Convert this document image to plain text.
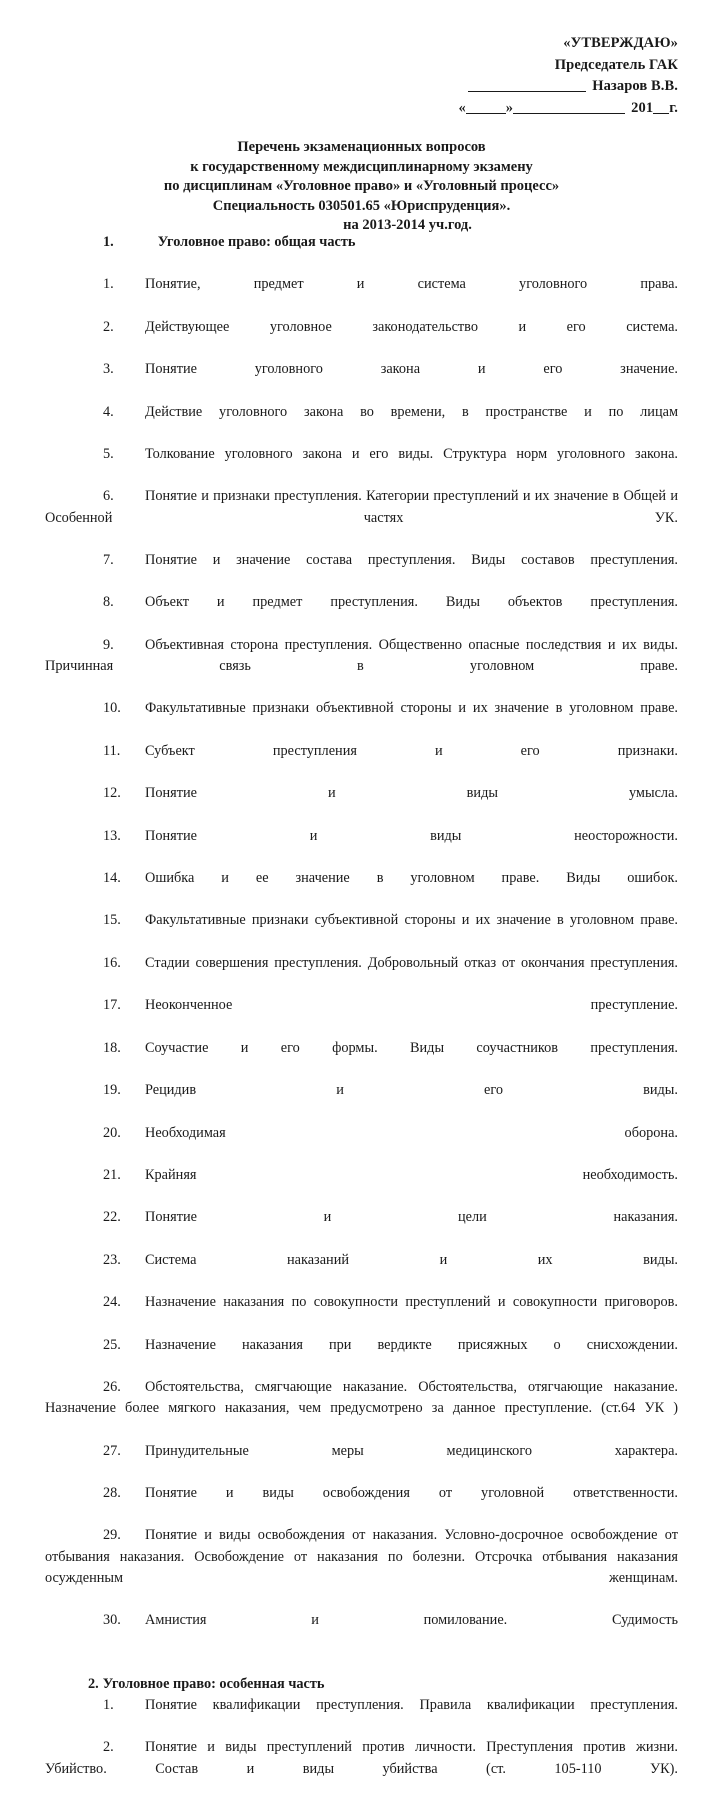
«УТВЕРЖДАЮ»
Председатель ГАК
Назаров В.В.
«	»	201 г.
Перечень экзаменационных вопросов
к государственному междисциплинарному экзамену
по дисциплинам «Уголовное право» и «Уголовный процесс»
Специальность 030501.65 «Юриспруденция».
на 2013-2014 уч.год.
1.	Уголовное право: общая часть
1. Понятие, предмет и система уголовного права.
2. Действующее уголовное законодательство и его система.
3. Понятие уголовного закона и его значение.
4. Действие уголовного закона во времени, в пространстве и по лицам
5. Толкование уголовного закона и его виды. Структура норм уголовного закона.
6. Понятие и признаки преступления. Категории преступлений и их значение в Общей и Особенной частях УК.
7. Понятие и значение состава преступления. Виды составов преступления.
8. Объект и предмет преступления. Виды объектов преступления.
9. Объективная сторона преступления. Общественно опасные последствия и их виды. Причинная связь в уголовном праве.
10. Факультативные признаки объективной стороны и их значение в уголовном праве.
11. Субъект преступления и его признаки.
12. Понятие и виды умысла.
13. Понятие и виды неосторожности.
14. Ошибка и ее значение в уголовном праве. Виды ошибок.
15. Факультативные признаки субъективной стороны и их значение в уголовном праве.
16. Стадии совершения преступления. Добровольный отказ от окончания преступления.
17. Неоконченное преступление.
18. Соучастие и его формы. Виды соучастников преступления.
19. Рецидив и его виды.
20. Необходимая оборона.
21. Крайняя необходимость.
22. Понятие и цели наказания.
23. Система наказаний и их виды.
24. Назначение наказания по совокупности преступлений и совокупности приговоров.
25. Назначение наказания при вердикте присяжных о снисхождении.
26. Обстоятельства, смягчающие наказание. Обстоятельства, отягчающие наказание. Назначение более мягкого наказания, чем предусмотрено за данное преступление. (ст.64 УК )
27. Принудительные меры медицинского характера.
28. Понятие и виды освобождения от уголовной ответственности.
29. Понятие и виды освобождения от наказания. Условно-досрочное освобождение от отбывания наказания. Освобождение от наказания по болезни. Отсрочка отбывания наказания осужденным женщинам.
30. Амнистия и помилование. Судимость
2. Уголовное право: особенная часть
1. Понятие квалификации преступления. Правила квалификации преступления.
2. Понятие и виды преступлений против личности. Преступления против жизни. Убийство. Состав и виды убийства (ст. 105-110 УК).
